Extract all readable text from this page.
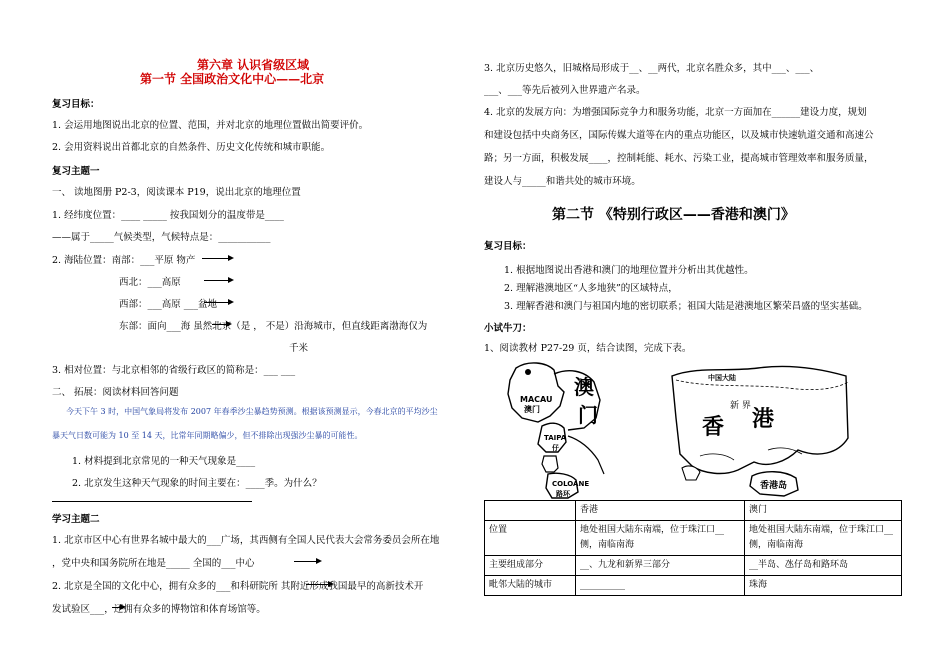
第六章 认识省级区域
第一节 全国政治文化中心——北京
复习目标：
1. 会运用地图说出北京的位置、范围，并对北京的地理位置做出简要评价。
2. 会用资料说出首都北京的自然条件、历史文化传统和城市职能。
复习主题一
一、 读地图册 P2-3，阅读课本 P19，说出北京的地理位置
1. 经纬度位置：____ _____ 按我国划分的温度带是____
——属于_____气候类型，气候特点是：___________
2. 海陆位置：南部：___平原 物产
西北：___高原
西部：___高原 ___盆地
东部：面向___海 虽然北京（是 ， 不是）沿海城市，但直线距离渤海仅为
千米
3. 相对位置：与北京相邻的省级行政区的简称是：___ ___
二、 拓展：阅读材料回答问题
今天下午 3 时，中国气象局将发布 2007 年春季沙尘暴趋势预测。根据该预测显示，今春北京的平均沙尘
暴天气日数可能为 10 至 14 天，比常年同期略偏少，但不排除出现强沙尘暴的可能性。
1. 材料提到北京常见的一种天气现象是____
2. 北京发生这种天气现象的时间主要在：____季。为什么？
学习主题二
1. 北京市区中心有世界名城中最大的___广场，其西侧有全国人民代表大会常务委员会所在地
，党中央和国务院所在地是_____ 全国的___中心
2. 北京是全国的文化中心，拥有众多的___和科研院所 其附近形成我国最早的高新技术开
发试验区___，还拥有众多的博物馆和体育场馆等。
3. 北京历史悠久，旧城格局形成于__、__两代，北京名胜众多，其中___、___、
___、___等先后被列入世界遗产名录。
4. 北京的发展方向：为增强国际竞争力和服务功能，北京一方面加在______建设力度，规划
和建设包括中央商务区，国际传媒大道等在内的重点功能区，以及城市快速轨道交通和高速公
路；另一方面，积极发展____，控制耗能、耗水、污染工业，提高城市管理效率和服务质量，
建设人与_____和谐共处的城市环境。
第二节 《特别行政区——香港和澳门》
复习目标：
1. 根据地图说出香港和澳门的地理位置并分析出其优越性。
2. 理解港澳地区“人多地狭”的区域特点，
3. 理解香港和澳门与祖国内地的密切联系；祖国大陆是港澳地区繁荣昌盛的坚实基础。
小试牛刀：
1、阅读教材 P27-29 页，结合读图，完成下表。
MACAU
澳门
澳
门
TAIPA
仔
COLOANE
路环
中国大陆
新 界
香 港
香港岛
	香港	澳门
位置	地处祖国大陆东南端，位于珠江口__侧，南临南海	地处祖国大陆东南端，位于珠江口__侧，南临南海
主要组成部分	__、九龙和新界三部分	__半岛、氹仔岛和路环岛
毗邻大陆的城市	__________	珠海
